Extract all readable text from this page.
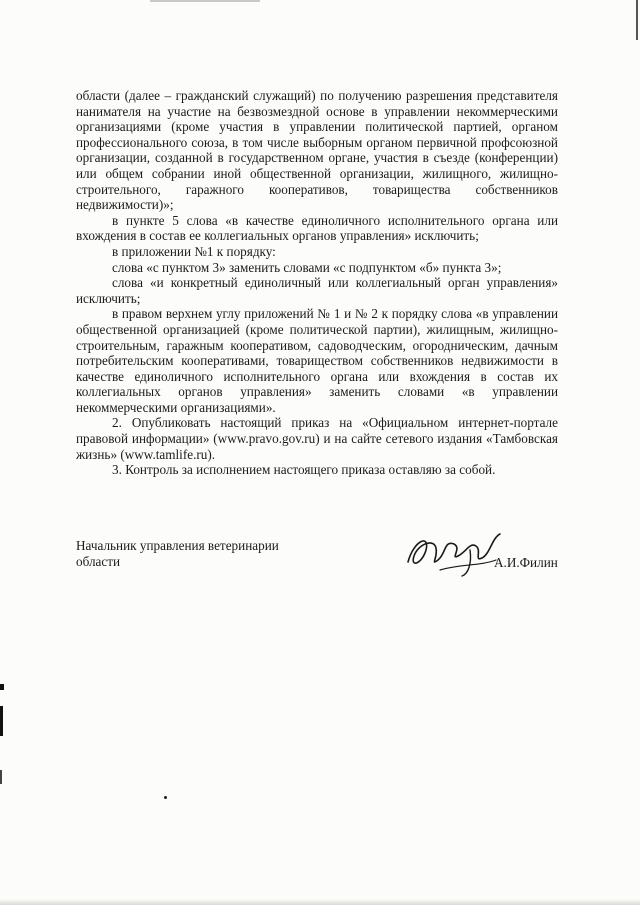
области (далее – гражданский служащий) по получению разрешения представителя нанимателя на участие на безвозмездной основе в управлении некоммерческими организациями (кроме участия в управлении политической партией, органом профессионального союза, в том числе выборным органом первичной профсоюзной организации, созданной в государственном органе, участия в съезде (конференции) или общем собрании иной общественной организации, жилищного, жилищно-строительного, гаражного кооперативов, товарищества собственников недвижимости)»;

в пункте 5 слова «в качестве единоличного исполнительного органа или вхождения в состав ее коллегиальных органов управления» исключить;

в приложении №1 к порядку:

слова «с пунктом 3» заменить словами «с подпунктом «б» пункта 3»;

слова «и конкретный единоличный или коллегиальный орган управления» исключить;

в правом верхнем углу приложений № 1 и № 2 к порядку слова «в управлении общественной организацией (кроме политической партии), жилищным, жилищно-строительным, гаражным кооперативом, садоводческим, огородническим, дачным потребительским кооперативами, товариществом собственников недвижимости в качестве единоличного исполнительного органа или вхождения в состав их коллегиальных органов управления» заменить словами «в управлении некоммерческими организациями».

2. Опубликовать настоящий приказ на «Официальном интернет-портале правовой информации» (www.pravo.gov.ru) и на сайте сетевого издания «Тамбовская жизнь» (www.tamlife.ru).

3. Контроль за исполнением настоящего приказа оставляю за собой.

Начальник управления ветеринарии
области	А.И.Филин
